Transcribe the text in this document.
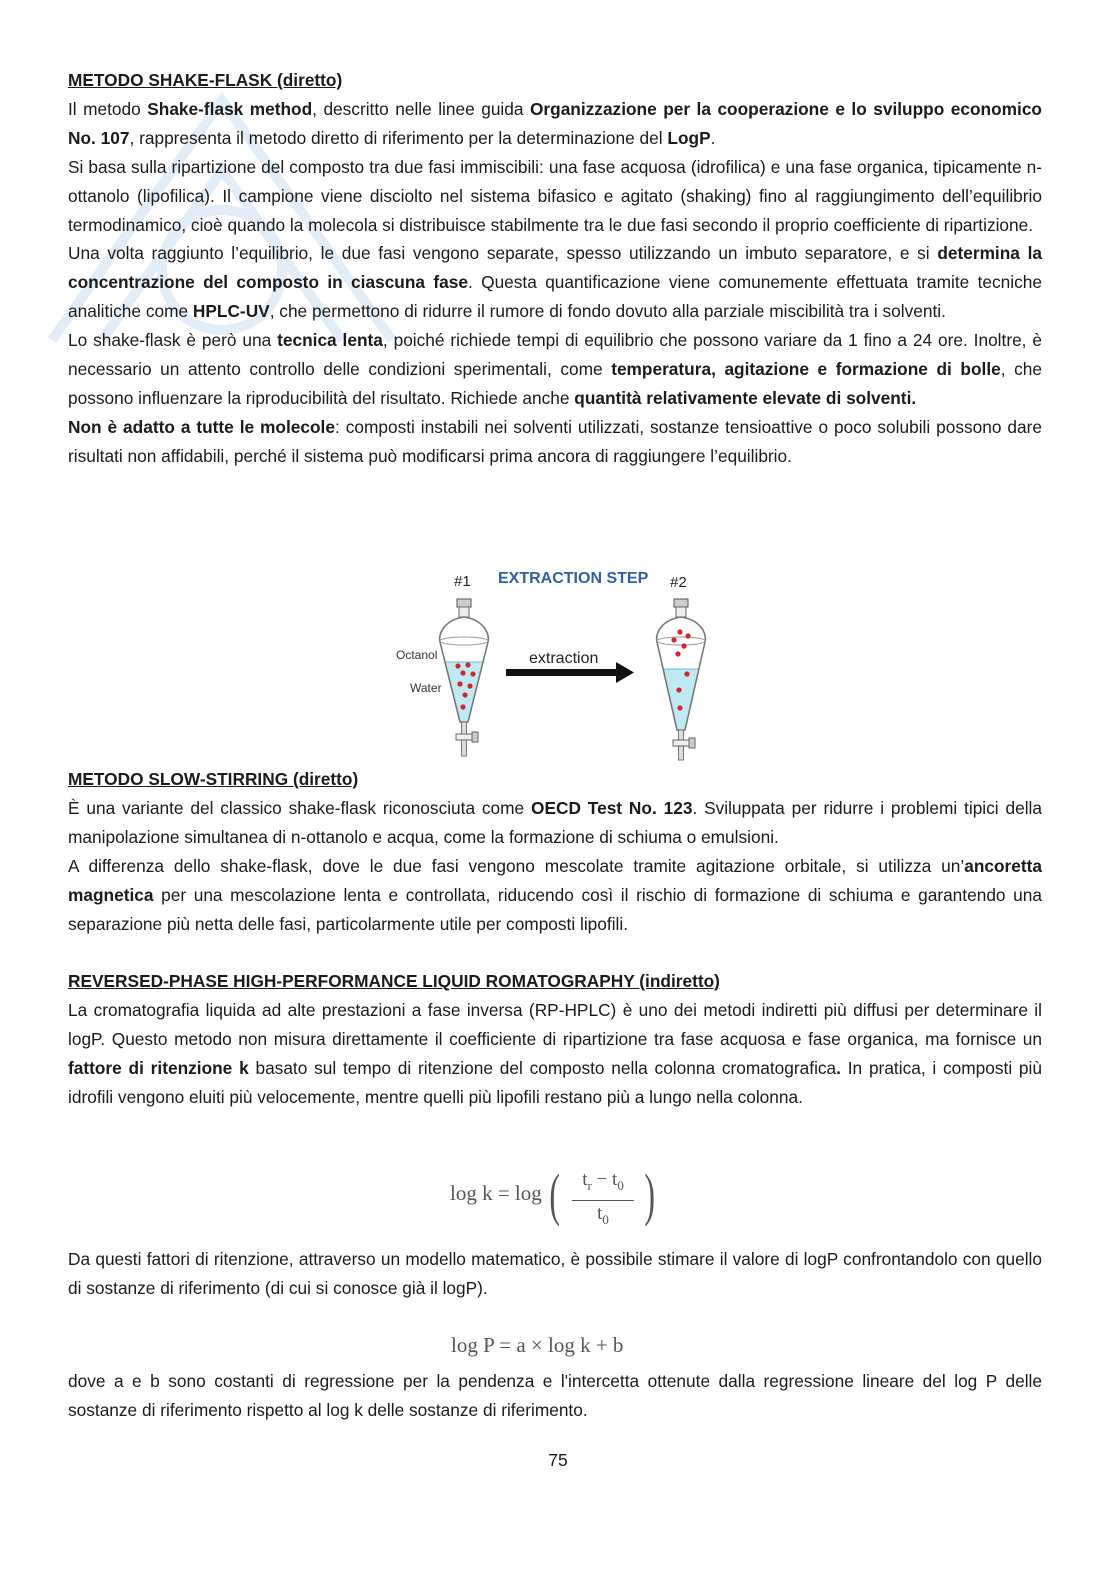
METODO SHAKE-FLASK (diretto)

Il metodo Shake-flask method, descritto nelle linee guida Organizzazione per la cooperazione e lo sviluppo economico No. 107, rappresenta il metodo diretto di riferimento per la determinazione del LogP.

Si basa sulla ripartizione del composto tra due fasi immiscibili: una fase acquosa (idrofilica) e una fase organica, tipicamente n-ottanolo (lipofilica). Il campione viene disciolto nel sistema bifasico e agitato (shaking) fino al raggiungimento dell’equilibrio termodinamico, cioè quando la molecola si distribuisce stabilmente tra le due fasi secondo il proprio coefficiente di ripartizione.

Una volta raggiunto l’equilibrio, le due fasi vengono separate, spesso utilizzando un imbuto separatore, e si determina la concentrazione del composto in ciascuna fase. Questa quantificazione viene comunemente effettuata tramite tecniche analitiche come HPLC-UV, che permettono di ridurre il rumore di fondo dovuto alla parziale miscibilità tra i solventi.

Lo shake-flask è però una tecnica lenta, poiché richiede tempi di equilibrio che possono variare da 1 fino a 24 ore. Inoltre, è necessario un attento controllo delle condizioni sperimentali, come temperatura, agitazione e formazione di bolle, che possono influenzare la riproducibilità del risultato. Richiede anche quantità relativamente elevate di solventi.

Non è adatto a tutte le molecole: composti instabili nei solventi utilizzati, sostanze tensioattive o poco solubili possono dare risultati non affidabili, perché il sistema può modificarsi prima ancora di raggiungere l’equilibrio.

#1 EXTRACTION STEP #2
Octanol
Water
extraction

METODO SLOW-STIRRING (diretto)

È una variante del classico shake-flask riconosciuta come OECD Test No. 123. Sviluppata per ridurre i problemi tipici della manipolazione simultanea di n-ottanolo e acqua, come la formazione di schiuma o emulsioni.

A differenza dello shake-flask, dove le due fasi vengono mescolate tramite agitazione orbitale, si utilizza un’ancoretta magnetica per una mescolazione lenta e controllata, riducendo così il rischio di formazione di schiuma e garantendo una separazione più netta delle fasi, particolarmente utile per composti lipofili.

REVERSED-PHASE HIGH-PERFORMANCE LIQUID ROMATOGRAPHY (indiretto)

La cromatografia liquida ad alte prestazioni a fase inversa (RP-HPLC) è uno dei metodi indiretti più diffusi per determinare il logP. Questo metodo non misura direttamente il coefficiente di ripartizione tra fase acquosa e fase organica, ma fornisce un fattore di ritenzione k basato sul tempo di ritenzione del composto nella colonna cromatografica. In pratica, i composti più idrofili vengono eluiti più velocemente, mentre quelli più lipofili restano più a lungo nella colonna.

log k = log (	$t_r - t_0$
$t_0$ )

Da questi fattori di ritenzione, attraverso un modello matematico, è possibile stimare il valore di logP confrontandolo con quello di sostanze di riferimento (di cui si conosce già il logP).

log P = a × log k + b

dove a e b sono costanti di regressione per la pendenza e l'intercetta ottenute dalla regressione lineare del log P delle sostanze di riferimento rispetto al log k delle sostanze di riferimento.

75
